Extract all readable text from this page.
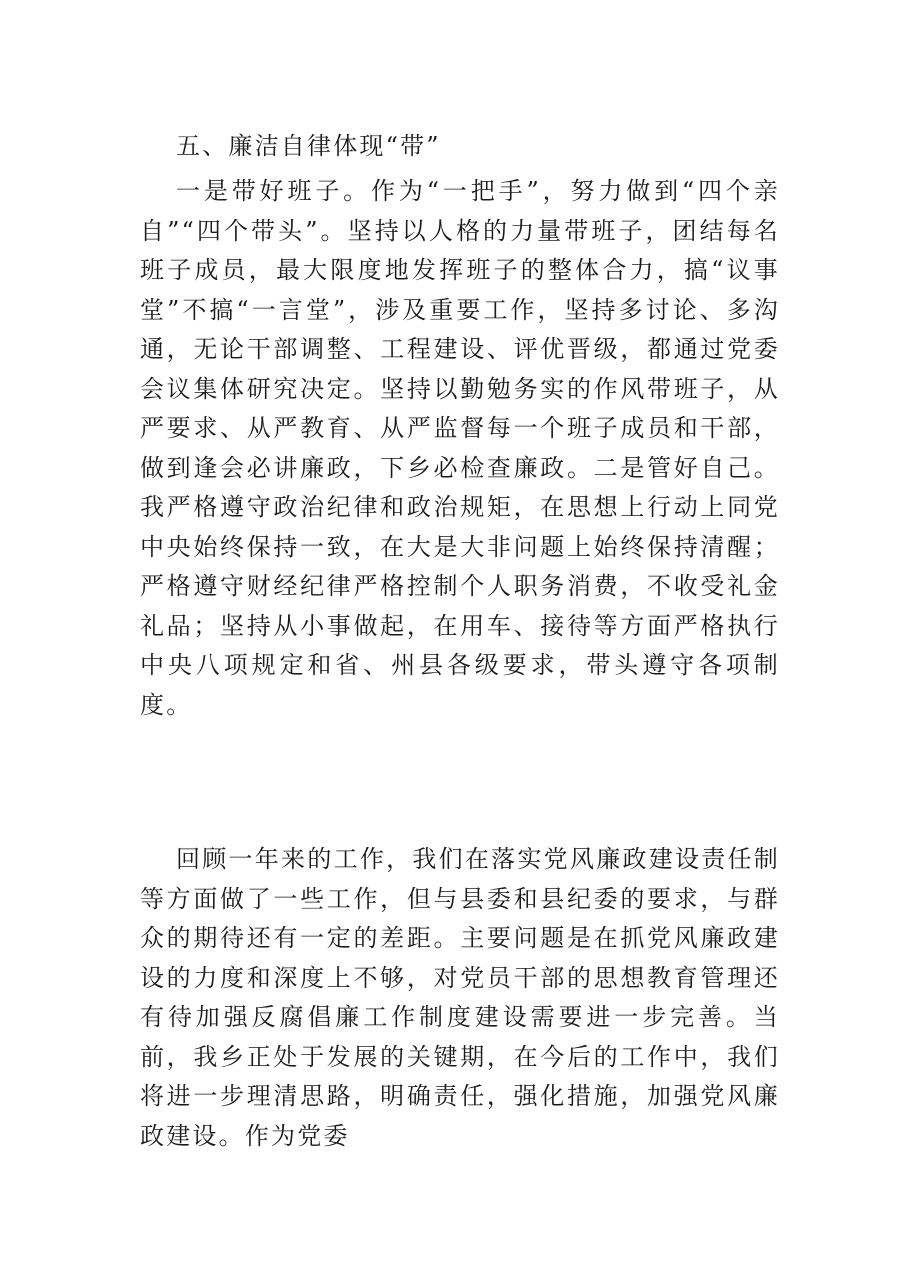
五、廉洁自律体现“带”

一是带好班子。作为“一把手”，努力做到“四个亲自”“四个带头”。坚持以人格的力量带班子，团结每名班子成员，最大限度地发挥班子的整体合力，搞“议事堂”不搞“一言堂”，涉及重要工作，坚持多讨论、多沟通，无论干部调整、工程建设、评优晋级，都通过党委会议集体研究决定。坚持以勤勉务实的作风带班子，从严要求、从严教育、从严监督每一个班子成员和干部，做到逢会必讲廉政，下乡必检查廉政。二是管好自己。我严格遵守政治纪律和政治规矩，在思想上行动上同党中央始终保持一致，在大是大非问题上始终保持清醒；严格遵守财经纪律严格控制个人职务消费，不收受礼金礼品；坚持从小事做起，在用车、接待等方面严格执行中央八项规定和省、州县各级要求，带头遵守各项制度。

回顾一年来的工作，我们在落实党风廉政建设责任制等方面做了一些工作，但与县委和县纪委的要求，与群众的期待还有一定的差距。主要问题是在抓党风廉政建设的力度和深度上不够，对党员干部的思想教育管理还有待加强反腐倡廉工作制度建设需要进一步完善。当前，我乡正处于发展的关键期，在今后的工作中，我们将进一步理清思路，明确责任，强化措施，加强党风廉政建设。作为党委
